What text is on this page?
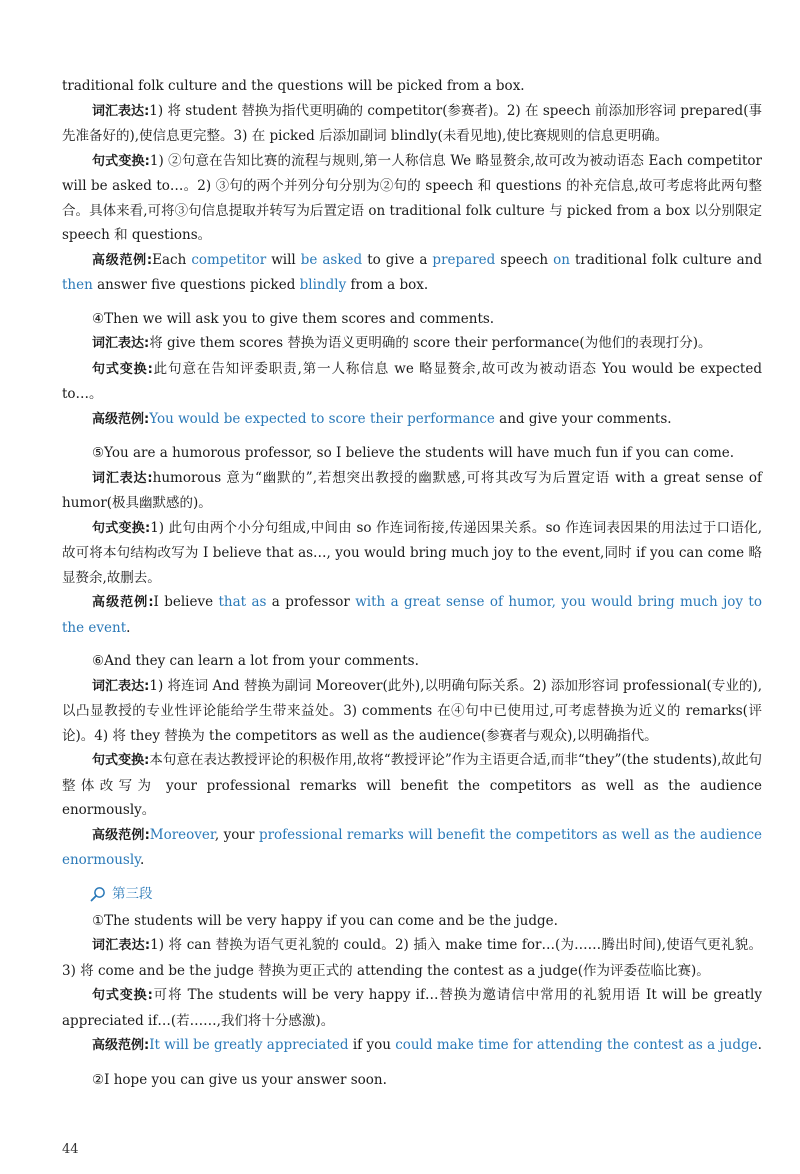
traditional folk culture and the questions will be picked from a box.

词汇表达:1) 将 student 替换为指代更明确的 competitor(参赛者)。2) 在 speech 前添加形容词 prepared(事先准备好的),使信息更完整。3) 在 picked 后添加副词 blindly(未看见地),使比赛规则的信息更明确。

句式变换:1) ②句意在告知比赛的流程与规则,第一人称信息 We 略显赘余,故可改为被动语态 Each competitor will be asked to…。2) ③句的两个并列分句分别为②句的 speech 和 questions 的补充信息,故可考虑将此两句整合。具体来看,可将③句信息提取并转写为后置定语 on traditional folk culture 与 picked from a box 以分别限定 speech 和 questions。

高级范例:Each competitor will be asked to give a prepared speech on traditional folk culture and then answer five questions picked blindly from a box.

④Then we will ask you to give them scores and comments.

词汇表达:将 give them scores 替换为语义更明确的 score their performance(为他们的表现打分)。

句式变换:此句意在告知评委职责,第一人称信息 we 略显赘余,故可改为被动语态 You would be expected to…。

高级范例:You would be expected to score their performance and give your comments.

⑤You are a humorous professor, so I believe the students will have much fun if you can come.

词汇表达:humorous 意为“幽默的”,若想突出教授的幽默感,可将其改写为后置定语 with a great sense of humor(极具幽默感的)。

句式变换:1) 此句由两个小分句组成,中间由 so 作连词衔接,传递因果关系。so 作连词表因果的用法过于口语化,故可将本句结构改写为 I believe that as…, you would bring much joy to the event,同时 if you can come 略显赘余,故删去。

高级范例:I believe that as a professor with a great sense of humor, you would bring much joy to the event.

⑥And they can learn a lot from your comments.

词汇表达:1) 将连词 And 替换为副词 Moreover(此外),以明确句际关系。2) 添加形容词 professional(专业的),以凸显教授的专业性评论能给学生带来益处。3) comments 在④句中已使用过,可考虑替换为近义的 remarks(评论)。4) 将 they 替换为 the competitors as well as the audience(参赛者与观众),以明确指代。

句式变换:本句意在表达教授评论的积极作用,故将“教授评论”作为主语更合适,而非“they”(the students),故此句整体改写为 your professional remarks will benefit the competitors as well as the audience enormously。

高级范例:Moreover, your professional remarks will benefit the competitors as well as the audience enormously.

第三段

①The students will be very happy if you can come and be the judge.

词汇表达:1) 将 can 替换为语气更礼貌的 could。2) 插入 make time for…(为……腾出时间),使语气更礼貌。3) 将 come and be the judge 替换为更正式的 attending the contest as a judge(作为评委莅临比赛)。

句式变换:可将 The students will be very happy if…替换为邀请信中常用的礼貌用语 It will be greatly appreciated if…(若……,我们将十分感激)。

高级范例:It will be greatly appreciated if you could make time for attending the contest as a judge.

②I hope you can give us your answer soon.

44
